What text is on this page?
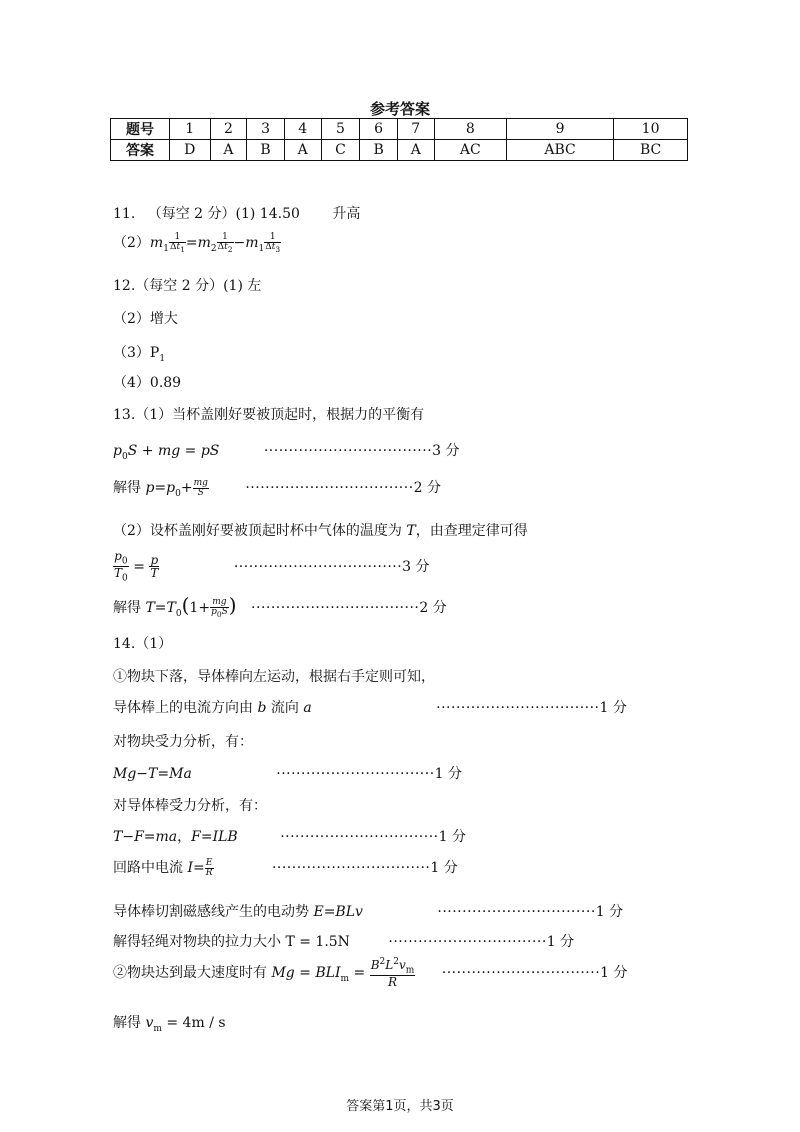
参考答案
题号	1	2	3	4	5	6	7	8	9	10
答案	D	A	B	A	C	B	A	AC	ABC	BC
11. （每空 2 分）(1) 14.50 升高
$(2)m_1 \frac{1}{\Delta t_1} =m_2 \frac{1}{\Delta t_2} -m_1 \frac{1}{\Delta t_3}$
12.（每空 2 分）(1) 左
（2）增大
$(3)P_1$
（4）0.89
13.（1）当杯盖刚好要被顶起时，根据力的平衡有
$p_0S$ + mg = pS	··································3 分
解得 $p=p_0+ \frac{mg}{S}$	··································2 分
（2）设杯盖刚好要被顶起时杯中气体的温度为 T，由查理定律可得
$\frac{p_0}{T_0} = \frac{p}{T}$	··································3 分
解得 $T=T_0(1+ \frac{mg}{p_0S}$ ) ··································2 分
14.（1）
①物块下落，导体棒向左运动，根据右手定则可知，
导体棒上的电流方向由 b 流向 a	·································1 分
对物块受力分析，有：
Mg−T=Ma	································1 分
对导体棒受力分析，有：
T−F=ma，F=ILB	································1 分
回路中电流 $I= \frac{E}{R}$	································1 分
导体棒切割磁感线产生的电动势 E=BLv	································1 分
解得轻绳对物块的拉力大小 T = 1.5N	································1 分
②物块达到最大速度时有 $Mg = BLI_m = \frac{B^2L^2v_m}{R} \cdot\cdot\cdot\cdot\cdot\cdot\cdot\cdot\cdot\cdot\cdot\cdot\cdot\cdot\cdot\cdot\cdot\cdot\cdot\cdot\cdot\cdot\cdot\cdot\cdot\cdot\cdot\cdot\cdot\cdot\cdot\cdot 1$ 分
解得 $v_m = 4m / s$
答案第1页，共3页
